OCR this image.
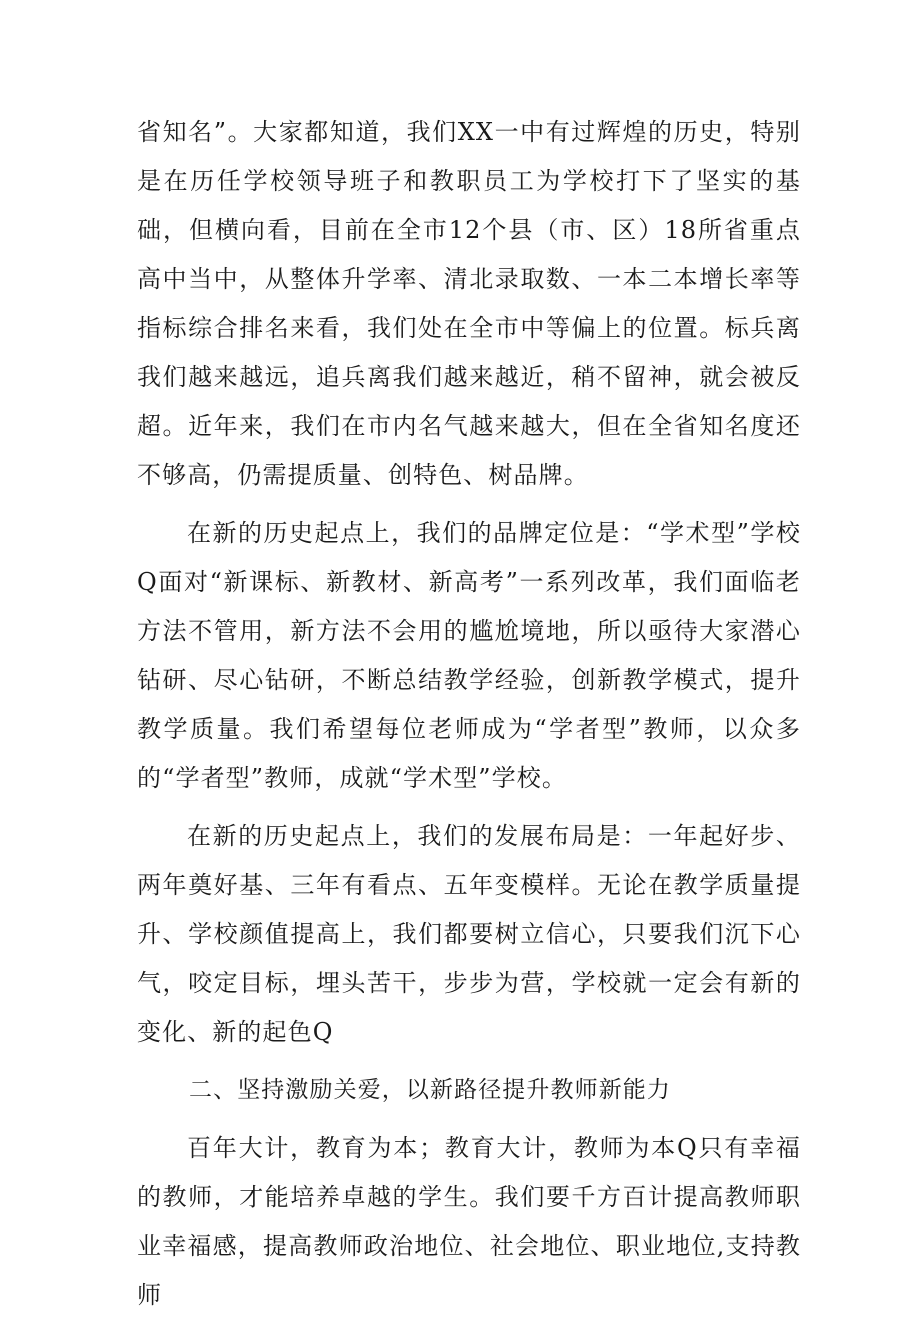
省知名”。大家都知道，我们XX一中有过辉煌的历史，特别是在历任学校领导班子和教职员工为学校打下了坚实的基础，但横向看，目前在全市12个县（市、区）18所省重点高中当中，从整体升学率、清北录取数、一本二本增长率等指标综合排名来看，我们处在全市中等偏上的位置。标兵离我们越来越远，追兵离我们越来越近，稍不留神，就会被反超。近年来，我们在市内名气越来越大，但在全省知名度还不够高，仍需提质量、创特色、树品牌。

在新的历史起点上，我们的品牌定位是：“学术型”学校Q面对“新课标、新教材、新高考”一系列改革，我们面临老方法不管用，新方法不会用的尴尬境地，所以亟待大家潜心钻研、尽心钻研，不断总结教学经验，创新教学模式，提升教学质量。我们希望每位老师成为“学者型”教师，以众多的“学者型”教师，成就“学术型”学校。

在新的历史起点上，我们的发展布局是：一年起好步、两年奠好基、三年有看点、五年变模样。无论在教学质量提升、学校颜值提高上，我们都要树立信心，只要我们沉下心气，咬定目标，埋头苦干，步步为营，学校就一定会有新的变化、新的起色Q

二、坚持激励关爱，以新路径提升教师新能力

百年大计，教育为本；教育大计，教师为本Q只有幸福的教师，才能培养卓越的学生。我们要千方百计提高教师职业幸福感，提高教师政治地位、社会地位、职业地位,支持教师
